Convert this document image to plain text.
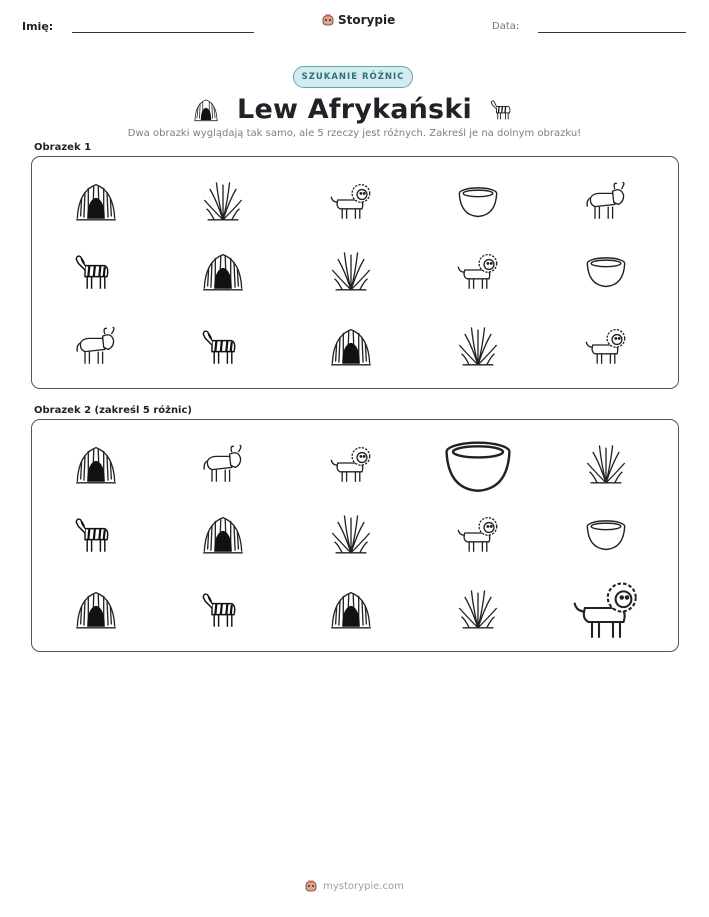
Imię:	Storypie	Data:
SZUKANIE RÓŻNIC
Lew Afrykański
Dwa obrazki wyglądają tak samo, ale 5 rzeczy jest różnych. Zakreśl je na dolnym obrazku!
Obrazek 1
Obrazek 2 (zakreśl 5 różnic)
mystorypie.com
